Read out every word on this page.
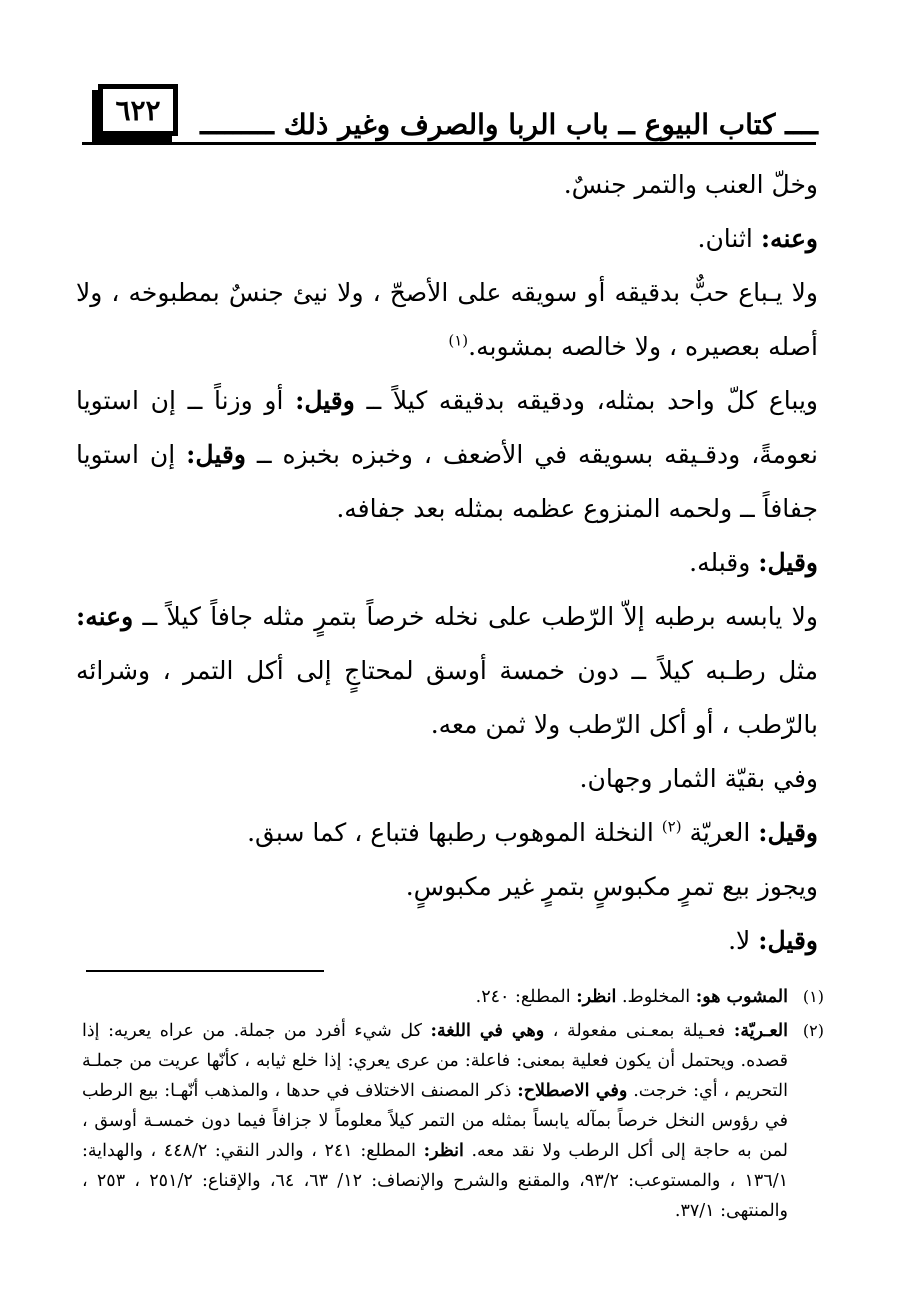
٦٢٢ ــــ كتاب البيوع ــ باب الربا والصرف وغير ذلك ـــــــــ

وخلّ العنب والتمر جنسٌ.

وعنه: اثنان.

ولا يـباع حبٌّ بدقيقه أو سويقه على الأصحّ ، ولا نيئ جنسٌ بمطبوخه ، ولا أصله بعصيره ، ولا خالصه بمشوبه.$^{(١)}$

ويباع كلّ واحد بمثله، ودقيقه بدقيقه كيلاً ــ وقيل: أو وزناً ــ إن استويا نعومةً، ودقـيقه بسويقه في الأضعف ، وخبزه بخبزه ــ وقيل: إن استويا جفافاً ــ ولحمه المنزوع عظمه بمثله بعد جفافه.

وقيل: وقبله.

ولا يابسه برطبه إلاّ الرّطب على نخله خرصاً بتمرٍ مثله جافاً كيلاً ــ وعنه: مثل رطـبه كيلاً ــ دون خمسة أوسق لمحتاجٍ إلى أكل التمر ، وشرائه بالرّطب ، أو أكل الرّطب ولا ثمن معه.

وفي بقيّة الثمار وجهان.

وقيل: العريّة $^{(٢)}$ النخلة الموهوب رطبها فتباع ، كما سبق.

ويجوز بيع تمرٍ مكبوسٍ بتمرٍ غير مكبوسٍ.

وقيل: لا.

(١)
المشوب هو: المخلوط. انظر: المطلع: ٢٤٠.
(٢)
العـريّة: فعـيلة بمعـنى مفعولة ، وهي في اللغة: كل شيء أفرد من جملة. من عراه يعريه: إذا قصده. ويحتمل أن يكون فعلية بمعنى: فاعلة: من عرى يعري: إذا خلع ثيابه ، كأنّها عريت من جملـة التحريم ، أي: خرجت. وفي الاصطلاح: ذكر المصنف الاختلاف في حدها ، والمذهب أنّهـا: بيع الرطب في رؤوس النخل خرصاً بمآله يابساً بمثله من التمر كيلاً معلوماً لا جزافاً فيما دون خمسـة أوسق ، لمن به حاجة إلى أكل الرطب ولا نقد معه. انظر: المطلع: ٢٤١ ، والدر النقي: ٤٤٨/٢ ، والهداية: ١٣٦/١ ، والمستوعب: ٩٣/٢، والمقنع والشرح والإنصاف: ١٢/ ٦٣، ٦٤، والإقناع: ٢٥١/٢ ، ٢٥٣ ، والمنتهى: ٣٧/١.
